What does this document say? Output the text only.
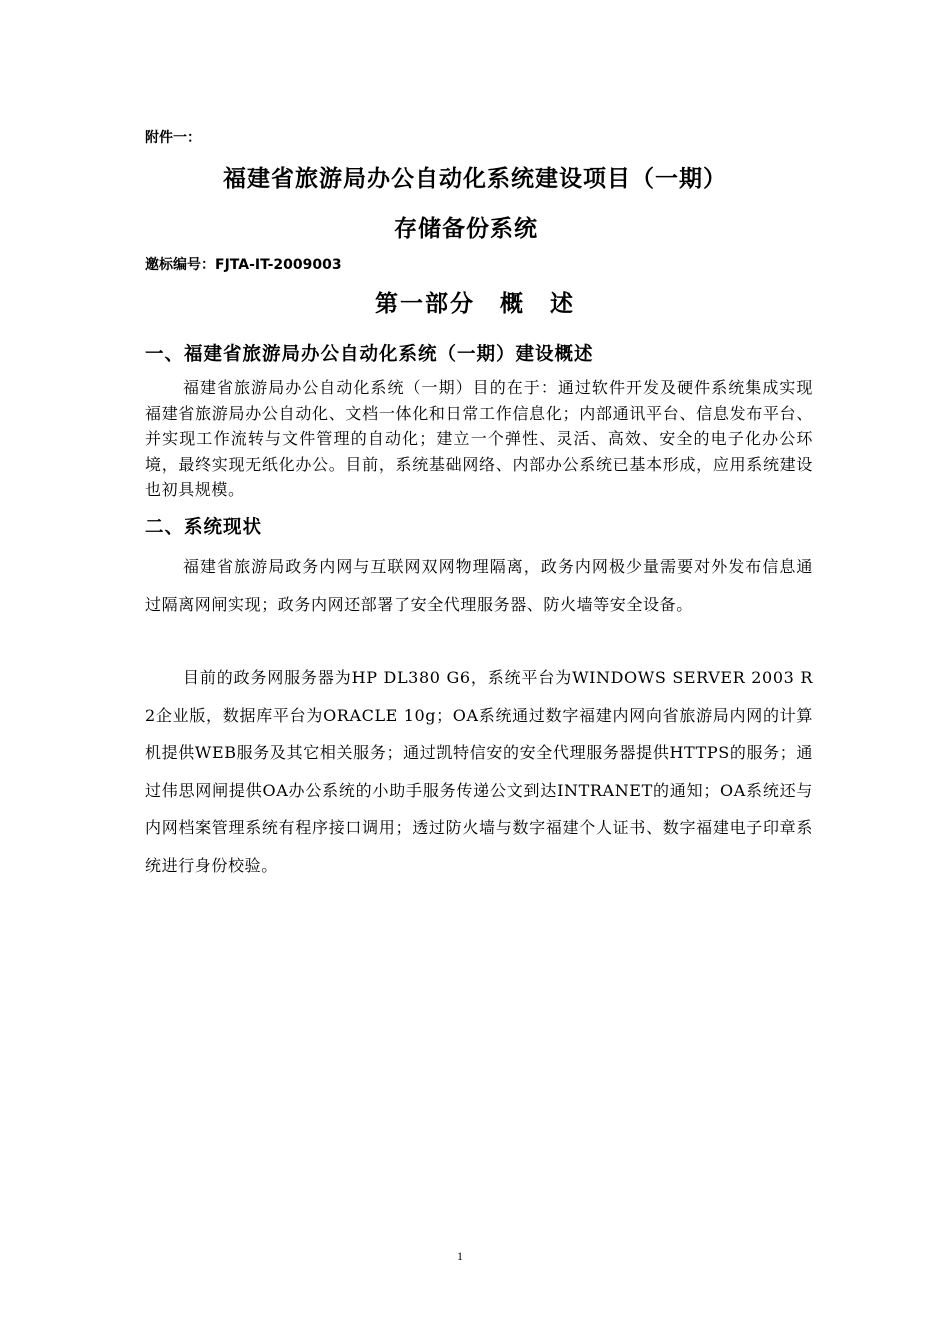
附件一：
福建省旅游局办公自动化系统建设项目（一期）
存储备份系统
邀标编号：FJTA-IT-2009003
第一部分　概　述
一、福建省旅游局办公自动化系统（一期）建设概述
福建省旅游局办公自动化系统（一期）目的在于：通过软件开发及硬件系统集成实现福建省旅游局办公自动化、文档一体化和日常工作信息化；内部通讯平台、信息发布平台、并实现工作流转与文件管理的自动化；建立一个弹性、灵活、高效、安全的电子化办公环境，最终实现无纸化办公。目前，系统基础网络、内部办公系统已基本形成，应用系统建设也初具规模。
二、系统现状
福建省旅游局政务内网与互联网双网物理隔离，政务内网极少量需要对外发布信息通过隔离网闸实现；政务内网还部署了安全代理服务器、防火墙等安全设备。
目前的政务网服务器为HP DL380 G6，系统平台为WINDOWS SERVER 2003 R2企业版，数据库平台为ORACLE 10g；OA系统通过数字福建内网向省旅游局内网的计算机提供WEB服务及其它相关服务；通过凯特信安的安全代理服务器提供HTTPS的服务；通过伟思网闸提供OA办公系统的小助手服务传递公文到达INTRANET的通知；OA系统还与内网档案管理系统有程序接口调用；透过防火墙与数字福建个人证书、数字福建电子印章系统进行身份校验。
1
